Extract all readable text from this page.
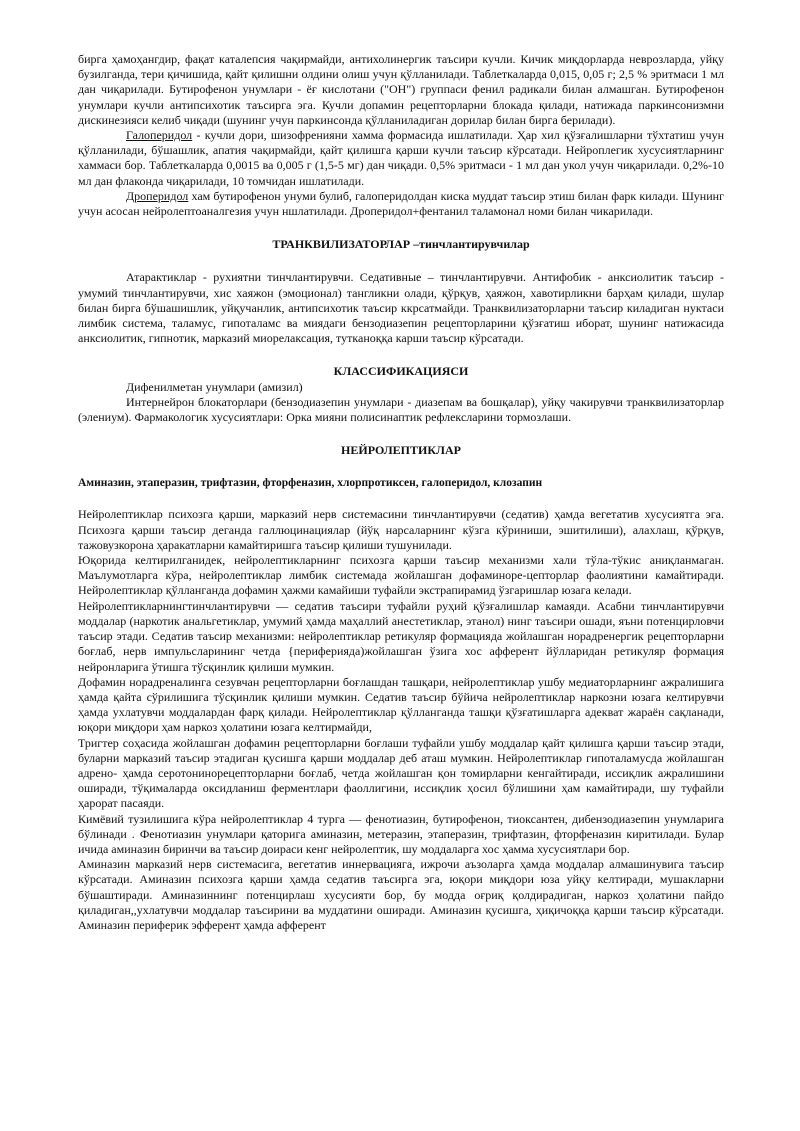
бирга ҳамоҳангдир, фақат каталепсия чақирмайди, антихолинергик таъсири кучли. Кичик миқдорларда неврозларда, уйқу бузилганда, тери қичишида, қайт қилишни олдини олиш учун қўлланилади. Таблеткаларда 0,015, 0,05 г; 2,5 % эритмаси 1 мл дан чиқарилади. Бутирофенон унумлари - ёғ кислотани ("ОН") группаси фенил радикали билан алмашган. Бутирофенон унумлари кучли антипсихотик таъсирга эга. Кучли допамин рецепторларни блокада қилади, натижада паркинсонизмни дискинезияси келиб чиқади (шунинг учун паркинсонда қўлланиладиган дорилар билан бирга берилади).

Галоперидол - кучли дори, шизофренияни хамма формасида ишлатилади. Ҳар хил қўзғалишларни тўхтатиш учун қўлланилади, бўшашлик, апатия чақирмайди, қайт қилишга қарши кучли таъсир кўрсатади. Нейроплегик хусусиятларнинг хаммаси бор. Таблеткаларда 0,0015 ва 0,005 г (1,5-5 мг) дан чиқади. 0,5% эритмаси - 1 мл дан укол учун чиқарилади. 0,2%-10 мл дан флаконда чиқарилади, 10 томчидан ишлатилади.

Дроперидол хам бутирофенон унуми булиб, галоперидолдан киска муддат таъсир этиш билан фарк килади. Шунинг учун асосан нейролептоаналгезия учун ншлатилади. Дроперидол+фентанил таламонал номи билан чикарилади.

ТРАНКВИЛИЗАТОРЛАР –тинчлантирувчилар

Атарактиклар - рухиятни тинчлантирувчи. Седативные – тинчлантирувчи. Антифобик - анксиолитик таъсир - умумий тинчлантирувчи, хис хаяжон (эмоционал) тангликни олади, қўрқув, ҳаяжон, хавотирликни барҳам қилади, шулар билан бирга бўшашишлик, уйқучанлик, антипсихотик таъсир ккрсатмайди. Транквилизаторларни таъсир киладиган нуктаси лимбик система, таламус, гипоталамс ва миядаги бензодиазепин рецепторларини қўзғатиш иборат, шунинг натижасида анксиолитик, гипнотик, марказий миорелаксация, тутканоққа карши таъсир кўрсатади.

КЛАССИФИКАЦИЯСИ

Дифенилметан унумлари (амизил)

Интернейрон блокаторлари (бензодиазепин унумлари - диазепам ва бошқалар), уйқу чакирувчи транквилизаторлар (элениум). Фармакологик хусусиятлари: Орка мияни полисинаптик рефлексларини тормозлаши.

НЕЙРОЛЕПТИКЛАР

Аминазин, этаперазин, трифтазин, фторфеназин, хлорпротиксен, галоперидол, клозапин

Нейролептиклар психозга қарши, марказий нерв системасини тинчлантирувчи (седатив) ҳамда вегетатив хусусиятга эга. Психозга қарши таъсир деганда галлюцинациялар (йўқ нарсаларнинг кўзга кўриниши, эшитилиши), алахлаш, қўрқув, тажовузкорона ҳаракатларни камайтиришга таъсир қилиши тушунилади.

Юқорида келтирилганидек, нейролептикларнинг психозга қарши таъсир механизми хали тўла-тўкис аниқланмаган. Маълумотларга кўра, нейролептиклар лимбик системада жойлашган дофаминоре-цепторлар фаолиятини камайтиради. Нейролептиклар қўлланганда дофамин ҳажми камайиши туфайли экстрапирамид ўзгаришлар юзага келади.

Нейролептикларнингтинчлантирувчи — седатив таъсири туфайли руҳий қўзғалишлар камаяди. Асабни тинчлантирувчи моддалар (наркотик анальгетиклар, умумий ҳамда маҳаллий анестетиклар, этанол) нинг таъсири ошади, яъни потенцирловчи таъсир этади. Седатив таъсир механизми: нейролептиклар ретикуляр формацияда жойлашган норадренергик рецепторларни боғлаб, нерв импульсларининг четда {периферияда)жойлашган ўзига хос афферент йўлларидан ретикуляр формация нейронларига ўтишга тўсқинлик қилиши мумкин.

Дофамин норадреналинга сезувчан рецепторларни боғлашдан ташқари, нейролептиклар ушбу медиаторларнинг ажралишига ҳамда қайта сўрилишига тўсқинлик қилиши мумкин. Седатив таъсир бўйича нейролептиклар наркозни юзага келтирувчи ҳамда ухлатувчи моддалардан фарқ қилади. Нейролептиклар қўлланганда ташқи қўзғатишларга адекват жараён сақланади, юқори миқдори ҳам наркоз ҳолатини юзага келтирмайди,

Тригтер соҳасида жойлашган дофамин рецепторларни боғлаши туфайли ушбу моддалар қайт қилишга қарши таъсир этади, буларни марказий таъсир этадиган қусишга қарши моддалар деб аташ мумкин. Нейролептиклар гипоталамусда жойлашган адрено- ҳамда серотонинорецепторларни боғлаб, четда жойлашган қон томирларни кенгайтиради, иссиқлик ажралишини оширади, тўқималарда оксидланиш ферментлари фаоллигини, иссиқлик ҳосил бўлишини ҳам камайтиради, шу туфайли ҳарорат пасаяди.

Кимёвий тузилишига кўра нейролептиклар 4 турга — фенотиазин, бутирофенон, тиоксантен, дибензодиазепин унумларига бўлинади . Фенотиазин унумлари қаторига аминазин, метеразин, этаперазин, трифтазин, фторфеназин киритилади. Булар ичида аминазин биринчи ва таъсир доираси кенг нейролептик, шу моддаларга хос ҳамма хусусиятлари бор.

Аминазин марказий нерв системасига, вегетатив иннервацияга, ижрочи аъзоларга ҳамда моддалар алмашинувига таъсир кўрсатади. Аминазин психозга қарши ҳамда седатив таъсирга эга, юқори миқдори юза уйқу келтиради, мушакларни бўшаштиради. Аминазиннинг потенцирлаш хусусияти бор, бу модда оғриқ қолдирадиган, наркоз ҳолатини пайдо қиладиган,,ухлатувчи моддалар таъсирини ва муддатини оширади. Аминазин қусишга, ҳиқичоққа қарши таъсир кўрсатади. Аминазин периферик эфферент ҳамда афферент
